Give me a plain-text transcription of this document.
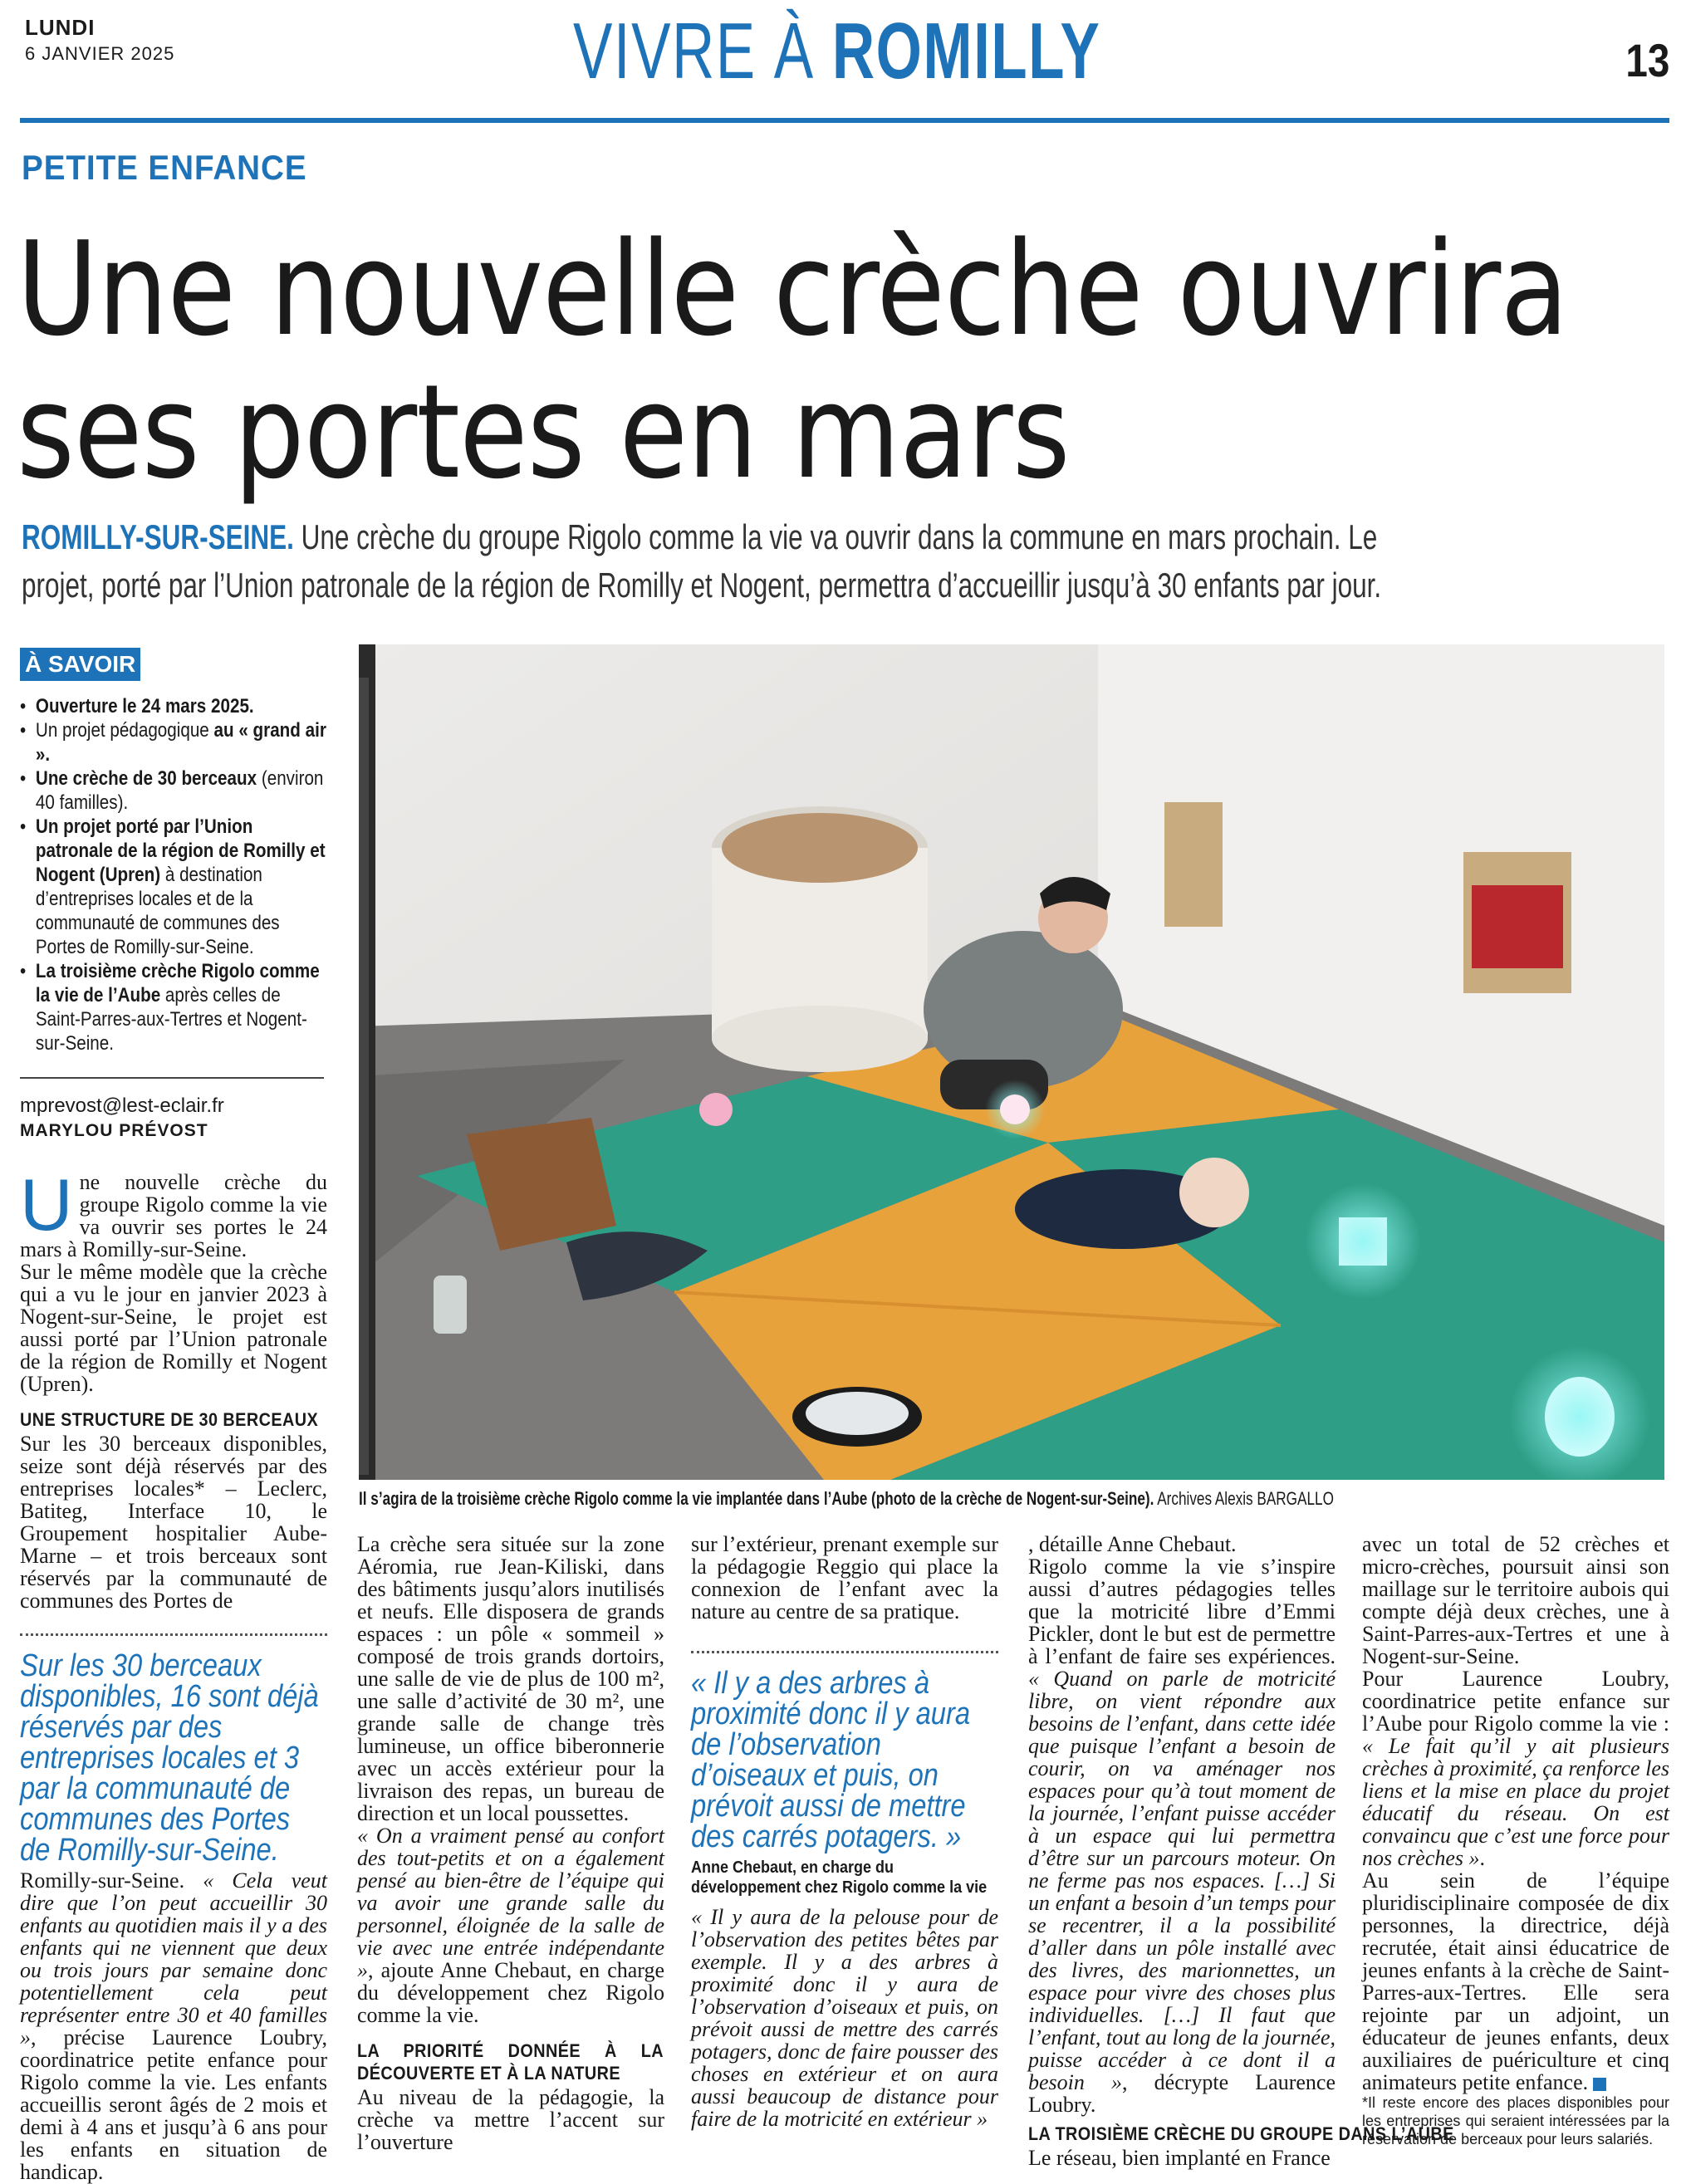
LUNDI
6 JANVIER 2025	VIVRE À ROMILLY	13
PETITE ENFANCE
Une nouvelle crèche ouvrira
ses portes en mars
ROMILLY-SUR-SEINE. Une crèche du groupe Rigolo comme la vie va ouvrir dans la commune en mars prochain. Le projet, porté par l’Union patronale de la région de Romilly et Nogent, permettra d’accueillir jusqu’à 30 enfants par jour.
À SAVOIR
• Ouverture le 24 mars 2025.
• Un projet pédagogique au « grand air ».
• Une crèche de 30 berceaux (environ 40 familles).
• Un projet porté par l’Union patronale de la région de Romilly et Nogent (Upren) à destination d’entreprises locales et de la communauté de communes des Portes de Romilly-sur-Seine.
• La troisième crèche Rigolo comme la vie de l’Aube après celles de Saint-Parres-aux-Tertres et Nogent-sur-Seine.
mprevost@lest-eclair.fr
MARYLOU PRÉVOST
Il s’agira de la troisième crèche Rigolo comme la vie implantée dans l’Aube (photo de la crèche de Nogent-sur-Seine). Archives Alexis BARGALLO

Une nouvelle crèche du groupe Rigolo comme la vie va ouvrir ses portes le 24 mars à Romilly-sur-Seine.

Sur le même modèle que la crèche qui a vu le jour en janvier 2023 à Nogent-sur-Seine, le projet est aussi porté par l’Union patronale de la région de Romilly et Nogent (Upren).

UNE STRUCTURE DE 30 BERCEAUX

Sur les 30 berceaux disponibles, seize sont déjà réservés par des entreprises locales* – Leclerc, Batiteg, Interface 10, le Groupement hospitalier Aube-Marne – et trois berceaux sont réservés par la communauté de communes des Portes de

Sur les 30 berceaux disponibles, 16 sont déjà réservés par des entreprises locales et 3 par la communauté de communes des Portes de Romilly-sur-Seine.

Romilly-sur-Seine. « Cela veut dire que l’on peut accueillir 30 enfants au quotidien mais il y a des enfants qui ne viennent que deux ou trois jours par semaine donc potentiellement cela peut représenter entre 30 et 40 familles », précise Laurence Loubry, coordinatrice petite enfance pour Rigolo comme la vie. Les enfants accueillis seront âgés de 2 mois et demi à 4 ans et jusqu’à 6 ans pour les enfants en situation de handicap.

La crèche sera située sur la zone Aéromia, rue Jean-Kiliski, dans des bâtiments jusqu’alors inutilisés et neufs. Elle disposera de grands espaces : un pôle « sommeil » composé de trois grands dortoirs, une salle de vie de plus de 100 m², une salle d’activité de 30 m², une grande salle de change très lumineuse, un office biberonnerie avec un accès extérieur pour la livraison des repas, un bureau de direction et un local poussettes.

« On a vraiment pensé au confort des tout-petits et on a également pensé au bien-être de l’équipe qui va avoir une grande salle du personnel, éloignée de la salle de vie avec une entrée indépendante », ajoute Anne Chebaut, en charge du développement chez Rigolo comme la vie.

LA PRIORITÉ DONNÉE À LA DÉCOUVERTE ET À LA NATURE

Au niveau de la pédagogie, la crèche va mettre l’accent sur l’ouverture

sur l’extérieur, prenant exemple sur la pédagogie Reggio qui place la connexion de l’enfant avec la nature au centre de sa pratique.

« Il y a des arbres à proximité donc il y aura de l’observation d’oiseaux et puis, on prévoit aussi de mettre des carrés potagers. »
Anne Chebaut, en charge du développement chez Rigolo comme la vie

« Il y aura de la pelouse pour de l’observation des petites bêtes par exemple. Il y a des arbres à proximité donc il y aura de l’observation d’oiseaux et puis, on prévoit aussi de mettre des carrés potagers, donc de faire pousser des choses en extérieur et on aura aussi beaucoup de distance pour faire de la motricité en extérieur »

, détaille Anne Chebaut.

Rigolo comme la vie s’inspire aussi d’autres pédagogies telles que la motricité libre d’Emmi Pickler, dont le but est de permettre à l’enfant de faire ses expériences. « Quand on parle de motricité libre, on vient répondre aux besoins de l’enfant, dans cette idée que puisque l’enfant a besoin de courir, on va aménager nos espaces pour qu’à tout moment de la journée, l’enfant puisse accéder à un espace qui lui permettra d’être sur un parcours moteur. On ne ferme pas nos espaces. […] Si un enfant a besoin d’un temps pour se recentrer, il a la possibilité d’aller dans un pôle installé avec des livres, des marionnettes, un espace pour vivre des choses plus individuelles. […] Il faut que l’enfant, tout au long de la journée, puisse accéder à ce dont il a besoin », décrypte Laurence Loubry.

LA TROISIÈME CRÈCHE DU GROUPE DANS L’AUBE

Le réseau, bien implanté en France

avec un total de 52 crèches et micro-crèches, poursuit ainsi son maillage sur le territoire aubois qui compte déjà deux crèches, une à Saint-Parres-aux-Tertres et une à Nogent-sur-Seine.

Pour Laurence Loubry, coordinatrice petite enfance sur l’Aube pour Rigolo comme la vie : « Le fait qu’il y ait plusieurs crèches à proximité, ça renforce les liens et la mise en place du projet éducatif du réseau. On est convaincu que c’est une force pour nos crèches ».

Au sein de l’équipe pluridisciplinaire composée de dix personnes, la directrice, déjà recrutée, était ainsi éducatrice de jeunes enfants à la crèche de Saint-Parres-aux-Tertres. Elle sera rejointe par un adjoint, un éducateur de jeunes enfants, deux auxiliaires de puériculture et cinq animateurs petite enfance.

*Il reste encore des places disponibles pour les entreprises qui seraient intéressées par la réservation de berceaux pour leurs salariés.
